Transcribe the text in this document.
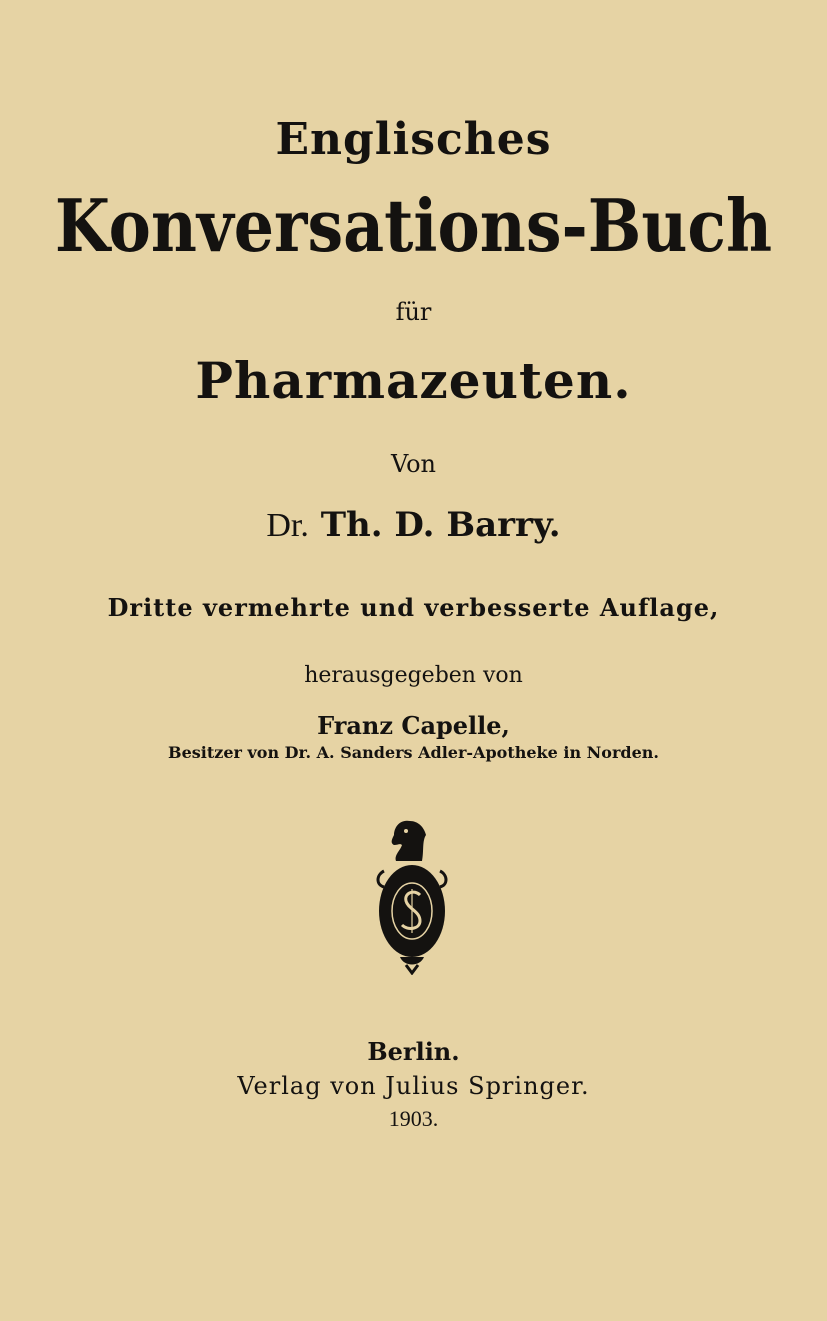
Englisches
Konversations-Buch
für
Pharmazeuten.
Von
Dr. Th. D. Barry.
Dritte vermehrte und verbesserte Auflage,
herausgegeben von
Franz Capelle,
Besitzer von Dr. A. Sanders Adler-Apotheke in Norden.
Berlin.
Verlag von Julius Springer.
1903.
